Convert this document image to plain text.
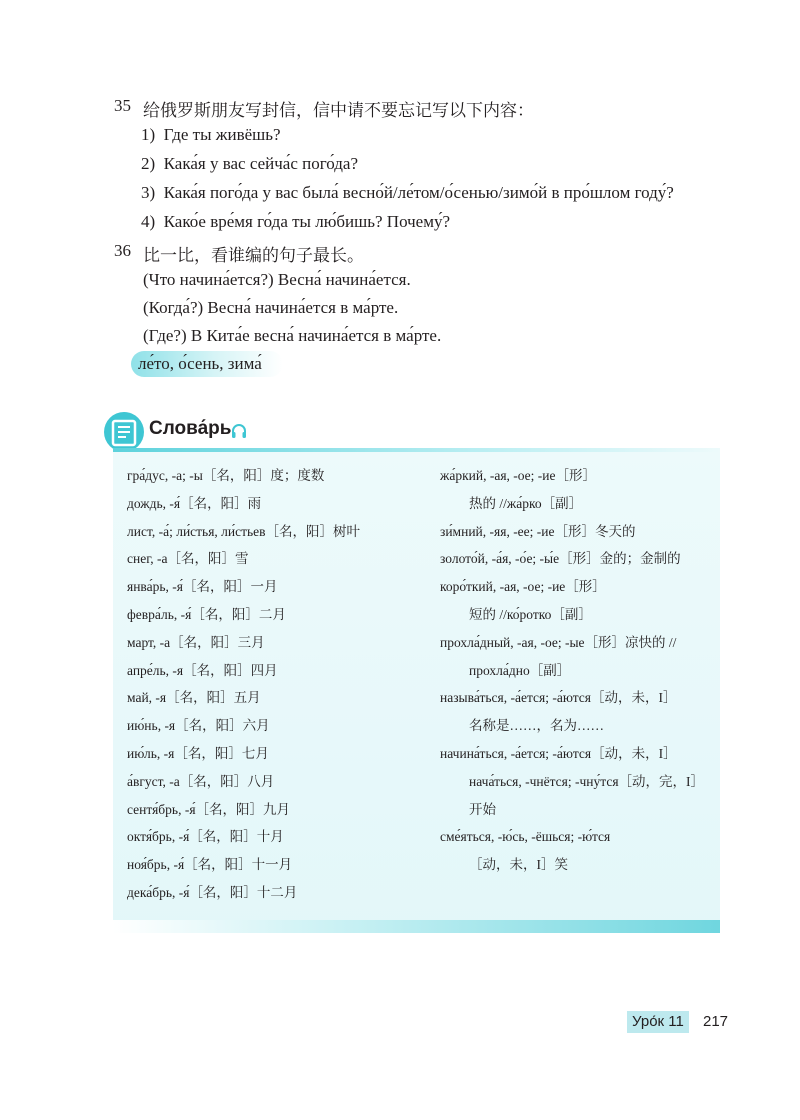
35 给俄罗斯朋友写封信，信中请不要忘记写以下内容：
1)  Где ты живёшь?
2)  Кака́я у вас сейча́с пого́да?
3)  Кака́я пого́да у вас была́ весно́й/ле́том/о́сенью/зимо́й в про́шлом году́?
4)  Како́е вре́мя го́да ты лю́бишь? Почему́?
36 比一比，看谁编的句子最长。
(Что начина́ется?) Весна́ начина́ется.
(Когда́?) Весна́ начина́ется в ма́рте.
(Где?) В Кита́е весна́ начина́ется в ма́рте.
ле́то, о́сень, зима́
Слова́рь
гра́дус, -а; -ы［名，阳］度；度数
дождь, -я́［名，阳］雨
лист, -а́; ли́стья, ли́стьев［名，阳］树叶
снег, -а［名，阳］雪
янва́рь, -я́［名，阳］一月
февра́ль, -я́［名，阳］二月
март, -а［名，阳］三月
апре́ль, -я［名，阳］四月
май, -я［名，阳］五月
ию́нь, -я［名，阳］六月
ию́ль, -я［名，阳］七月
а́вгуст, -а［名，阳］八月
сентя́брь, -я́［名，阳］九月
октя́брь, -я́［名，阳］十月
ноя́брь, -я́［名，阳］十一月
дека́брь, -я́［名，阳］十二月
жа́ркий, -ая, -ое; -ие［形］
热的 //жа́рко［副］
зи́мний, -яя, -ее; -ие［形］冬天的
золото́й, -а́я, -о́е; -ы́е［形］金的；金制的
коро́ткий, -ая, -ое; -ие［形］
短的 //ко́ротко［副］
прохла́дный, -ая, -ое; -ые［形］凉快的 //
прохла́дно［副］
называ́ться, -а́ется; -а́ются［动，未，I］
名称是……，名为……
начина́ться, -а́ется; -а́ются［动，未，I］
нача́ться, -чнётся; -чну́тся［动，完，I］
开始
сме́яться, -ю́сь, -ёшься; -ю́тся
［动，未，I］笑
Уро́к 11	217
